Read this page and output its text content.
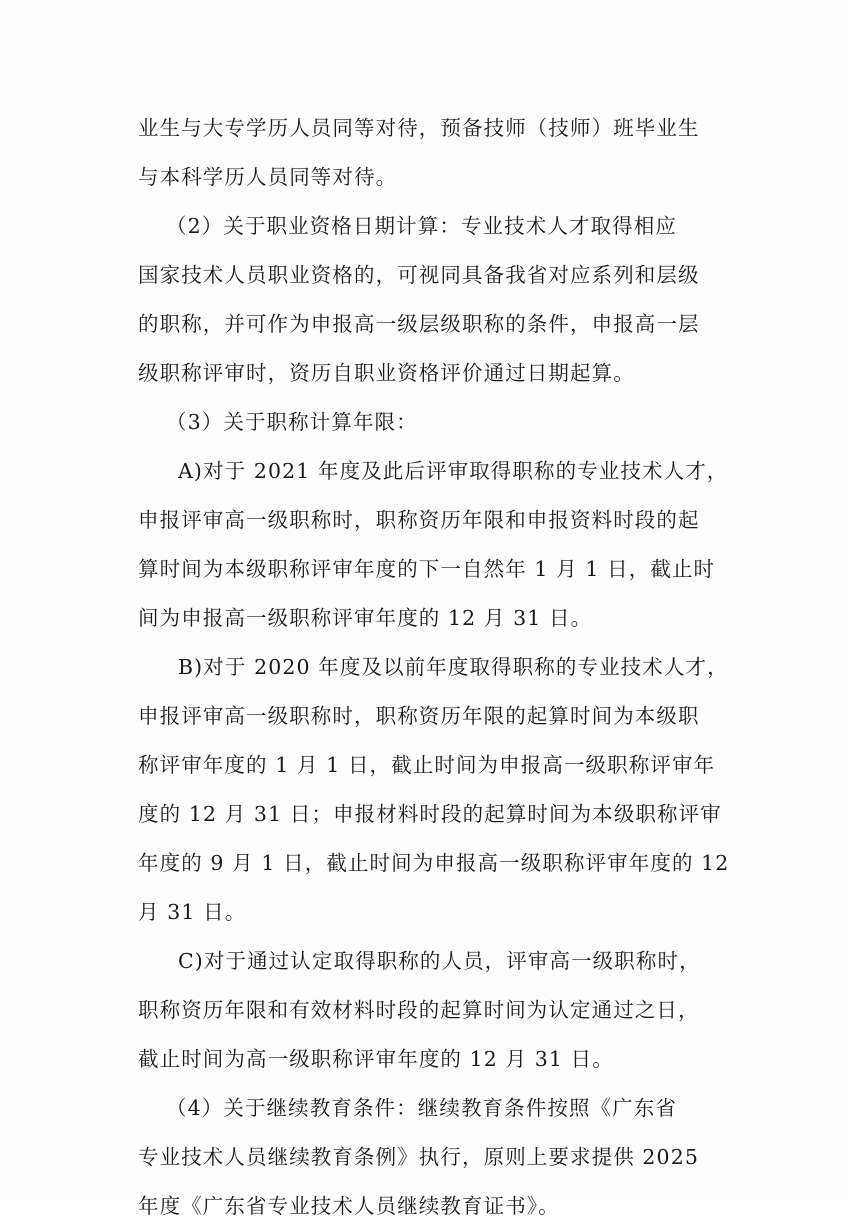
业生与大专学历人员同等对待，预备技师（技师）班毕业生
与本科学历人员同等对待。
（2）关于职业资格日期计算：专业技术人才取得相应
国家技术人员职业资格的，可视同具备我省对应系列和层级
的职称，并可作为申报高一级层级职称的条件，申报高一层
级职称评审时，资历自职业资格评价通过日期起算。
（3）关于职称计算年限：
A)对于 2021 年度及此后评审取得职称的专业技术人才，
申报评审高一级职称时，职称资历年限和申报资料时段的起
算时间为本级职称评审年度的下一自然年 1 月 1 日，截止时
间为申报高一级职称评审年度的 12 月 31 日。
B)对于 2020 年度及以前年度取得职称的专业技术人才，
申报评审高一级职称时，职称资历年限的起算时间为本级职
称评审年度的 1 月 1 日，截止时间为申报高一级职称评审年
度的 12 月 31 日；申报材料时段的起算时间为本级职称评审
年度的 9 月 1 日，截止时间为申报高一级职称评审年度的 12
月 31 日。
C)对于通过认定取得职称的人员，评审高一级职称时，
职称资历年限和有效材料时段的起算时间为认定通过之日，
截止时间为高一级职称评审年度的 12 月 31 日。
（4）关于继续教育条件：继续教育条件按照《广东省
专业技术人员继续教育条例》执行，原则上要求提供 2025
年度《广东省专业技术人员继续教育证书》。
